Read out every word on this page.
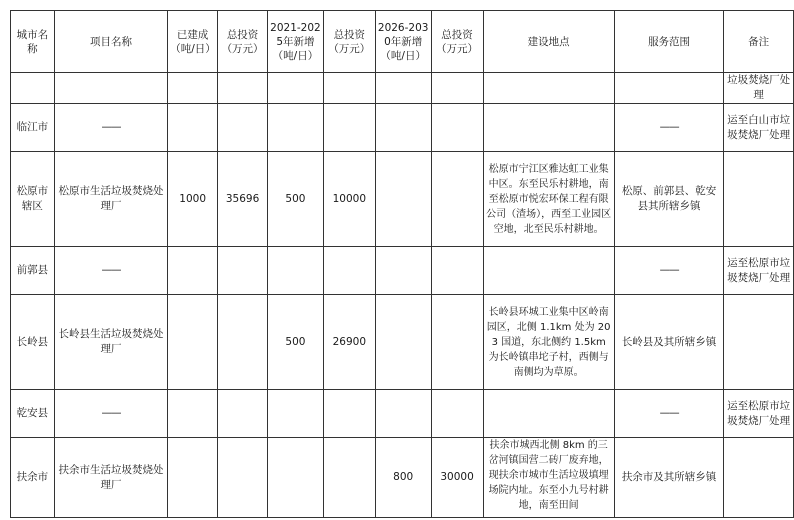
城市名称	项目名称	已建成（吨/日）	总投资（万元）	2021-2025年新增（吨/日）	总投资（万元）	2026-2030年新增（吨/日）	总投资（万元）	建设地点	服务范围	备注
										垃圾焚烧厂处理
临江市	——								——	运至白山市垃圾焚烧厂处理
松原市辖区	松原市生活垃圾焚烧处理厂	1000	35696	500	10000			松原市宁江区雅达虹工业集中区。东至民乐村耕地，南至松原市悦宏环保工程有限公司（渣场），西至工业园区空地，北至民乐村耕地。	松原、前郭县、乾安县其所辖乡镇	
前郭县	——								——	运至松原市垃圾焚烧厂处理
长岭县	长岭县生活垃圾焚烧处理厂			500	26900			长岭县环城工业集中区岭南园区，北侧 1.1km 处为 203 国道，东北侧约 1.5km 为长岭镇串坨子村，西侧与南侧均为草原。	长岭县及其所辖乡镇	
乾安县	——								——	运至松原市垃圾焚烧厂处理
扶余市	扶余市生活垃圾焚烧处理厂					800	30000	扶余市城西北侧 8km 的三岔河镇国营二砖厂废弃地，现扶余市城市生活垃圾填埋场院内址。东至小九号村耕地，南至田间	扶余市及其所辖乡镇	
